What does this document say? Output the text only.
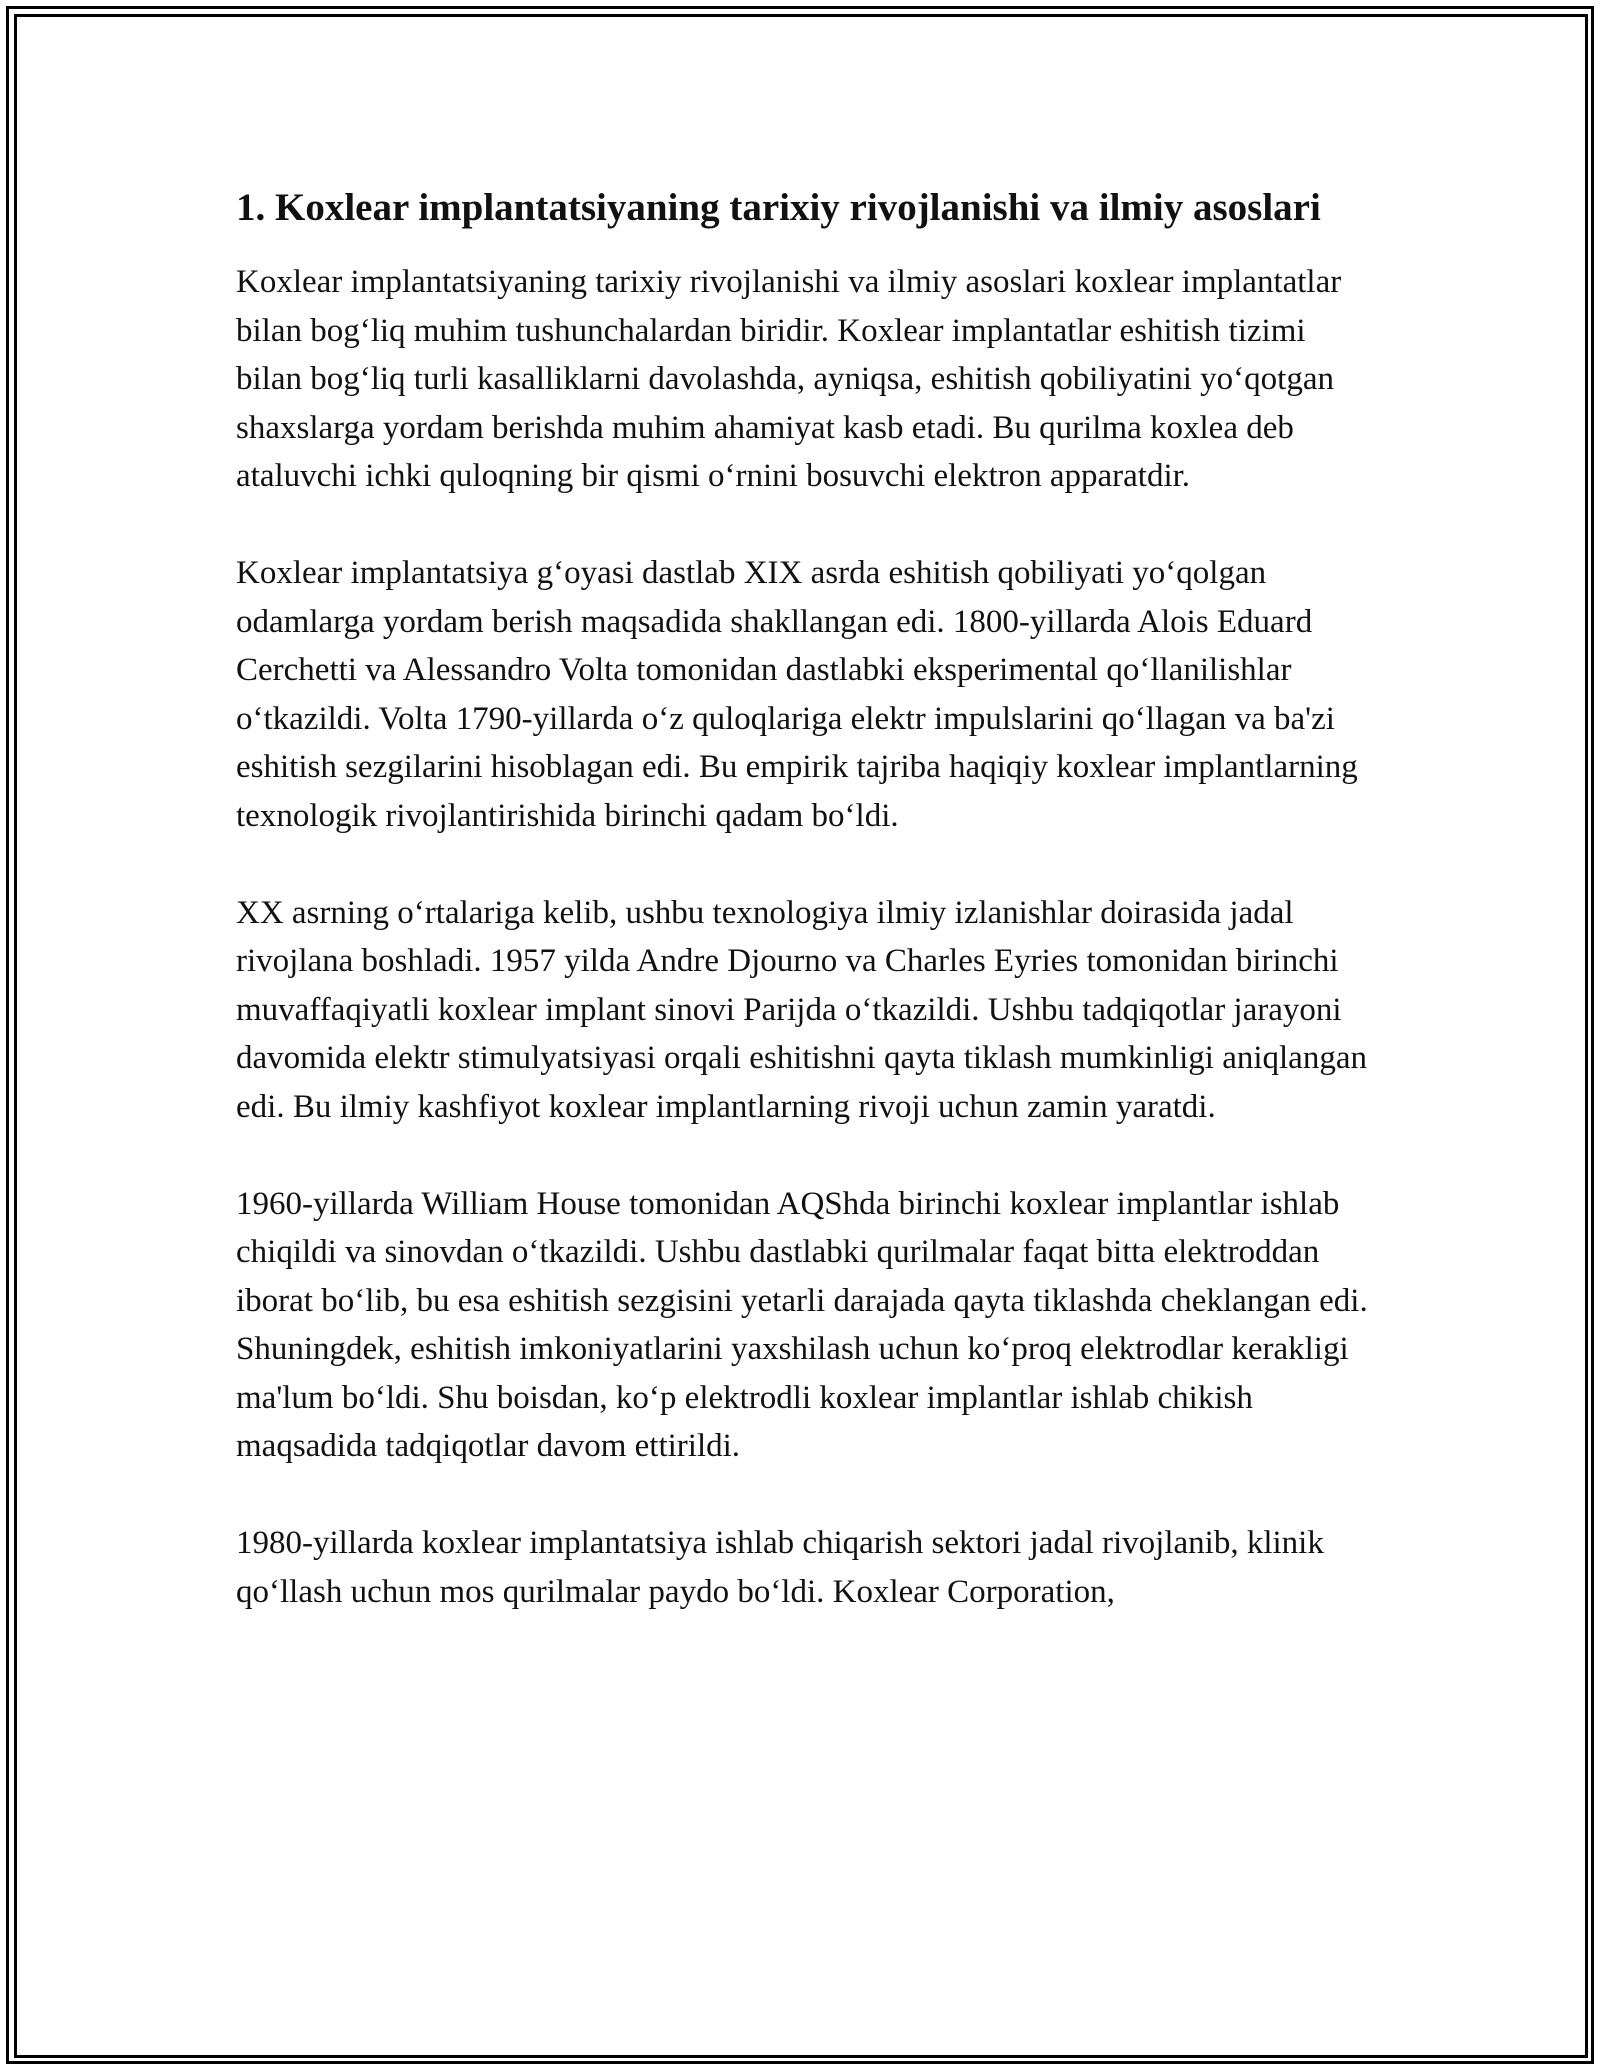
1. Koxlear implantatsiyaning tarixiy rivojlanishi va ilmiy asoslari

Koxlear implantatsiyaning tarixiy rivojlanishi va ilmiy asoslari koxlear implantatlar bilan bog‘liq muhim tushunchalardan biridir. Koxlear implantatlar eshitish tizimi bilan bog‘liq turli kasalliklarni davolashda, ayniqsa, eshitish qobiliyatini yo‘qotgan shaxslarga yordam berishda muhim ahamiyat kasb etadi. Bu qurilma koxlea deb ataluvchi ichki quloqning bir qismi o‘rnini bosuvchi elektron apparatdir.

Koxlear implantatsiya g‘oyasi dastlab XIX asrda eshitish qobiliyati yo‘qolgan odamlarga yordam berish maqsadida shakllangan edi. 1800-yillarda Alois Eduard Cerchetti va Alessandro Volta tomonidan dastlabki eksperimental qo‘llanilishlar o‘tkazildi. Volta 1790-yillarda o‘z quloqlariga elektr impulslarini qo‘llagan va ba'zi eshitish sezgilarini hisoblagan edi. Bu empirik tajriba haqiqiy koxlear implantlarning texnologik rivojlantirishida birinchi qadam bo‘ldi.

XX asrning o‘rtalariga kelib, ushbu texnologiya ilmiy izlanishlar doirasida jadal rivojlana boshladi. 1957 yilda Andre Djourno va Charles Eyries tomonidan birinchi muvaffaqiyatli koxlear implant sinovi Parijda o‘tkazildi. Ushbu tadqiqotlar jarayoni davomida elektr stimulyatsiyasi orqali eshitishni qayta tiklash mumkinligi aniqlangan edi. Bu ilmiy kashfiyot koxlear implantlarning rivoji uchun zamin yaratdi.

1960-yillarda William House tomonidan AQShda birinchi koxlear implantlar ishlab chiqildi va sinovdan o‘tkazildi. Ushbu dastlabki qurilmalar faqat bitta elektroddan iborat bo‘lib, bu esa eshitish sezgisini yetarli darajada qayta tiklashda cheklangan edi. Shuningdek, eshitish imkoniyatlarini yaxshilash uchun ko‘proq elektrodlar kerakligi ma'lum bo‘ldi. Shu boisdan, ko‘p elektrodli koxlear implantlar ishlab chikish maqsadida tadqiqotlar davom ettirildi.

1980-yillarda koxlear implantatsiya ishlab chiqarish sektori jadal rivojlanib, klinik qo‘llash uchun mos qurilmalar paydo bo‘ldi. Koxlear Corporation,
